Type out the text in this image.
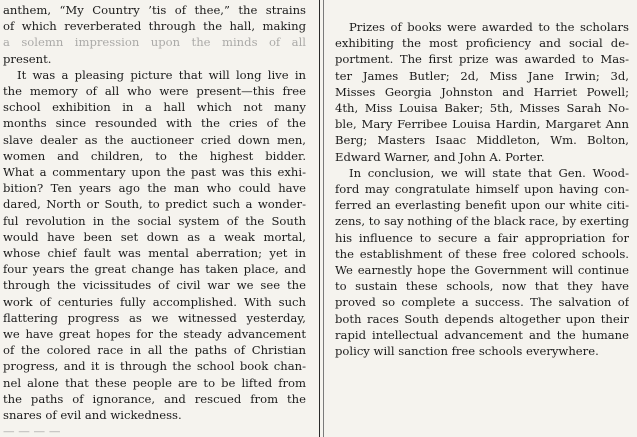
anthem, “My Country ’tis of thee,” the strains
of which reverberated through the hall, making
a solemn impression upon the minds of all
present.
It was a pleasing picture that will long live in
the memory of all who were present—this free
school exhibition in a hall which not many
months since resounded with the cries of the
slave dealer as the auctioneer cried down men,
women and children, to the highest bidder.
What a commentary upon the past was this exhi-
bition? Ten years ago the man who could have
dared, North or South, to predict such a wonder-
ful revolution in the social system of the South
would have been set down as a weak mortal,
whose chief fault was mental aberration; yet in
four years the great change has taken place, and
through the vicissitudes of civil war we see the
work of centuries fully accomplished. With such
flattering progress as we witnessed yesterday,
we have great hopes for the steady advancement
of the colored race in all the paths of Christian
progress, and it is through the school book chan-
nel alone that these people are to be lifted from
the paths of ignorance, and rescued from the
snares of evil and wickedness.
— — — —
Prizes of books were awarded to the scholars
exhibiting the most proficiency and social de-
portment. The first prize was awarded to Mas-
ter James Butler; 2d, Miss Jane Irwin; 3d,
Misses Georgia Johnston and Harriet Powell;
4th, Miss Louisa Baker; 5th, Misses Sarah No-
ble, Mary Ferribee Louisa Hardin, Margaret Ann
Berg; Masters Isaac Middleton, Wm. Bolton,
Edward Warner, and John A. Porter.
In conclusion, we will state that Gen. Wood-
ford may congratulate himself upon having con-
ferred an everlasting benefit upon our white citi-
zens, to say nothing of the black race, by exerting
his influence to secure a fair appropriation for
the establishment of these free colored schools.
We earnestly hope the Government will continue
to sustain these schools, now that they have
proved so complete a success. The salvation of
both races South depends altogether upon their
rapid intellectual advancement and the humane
policy will sanction free schools everywhere.
